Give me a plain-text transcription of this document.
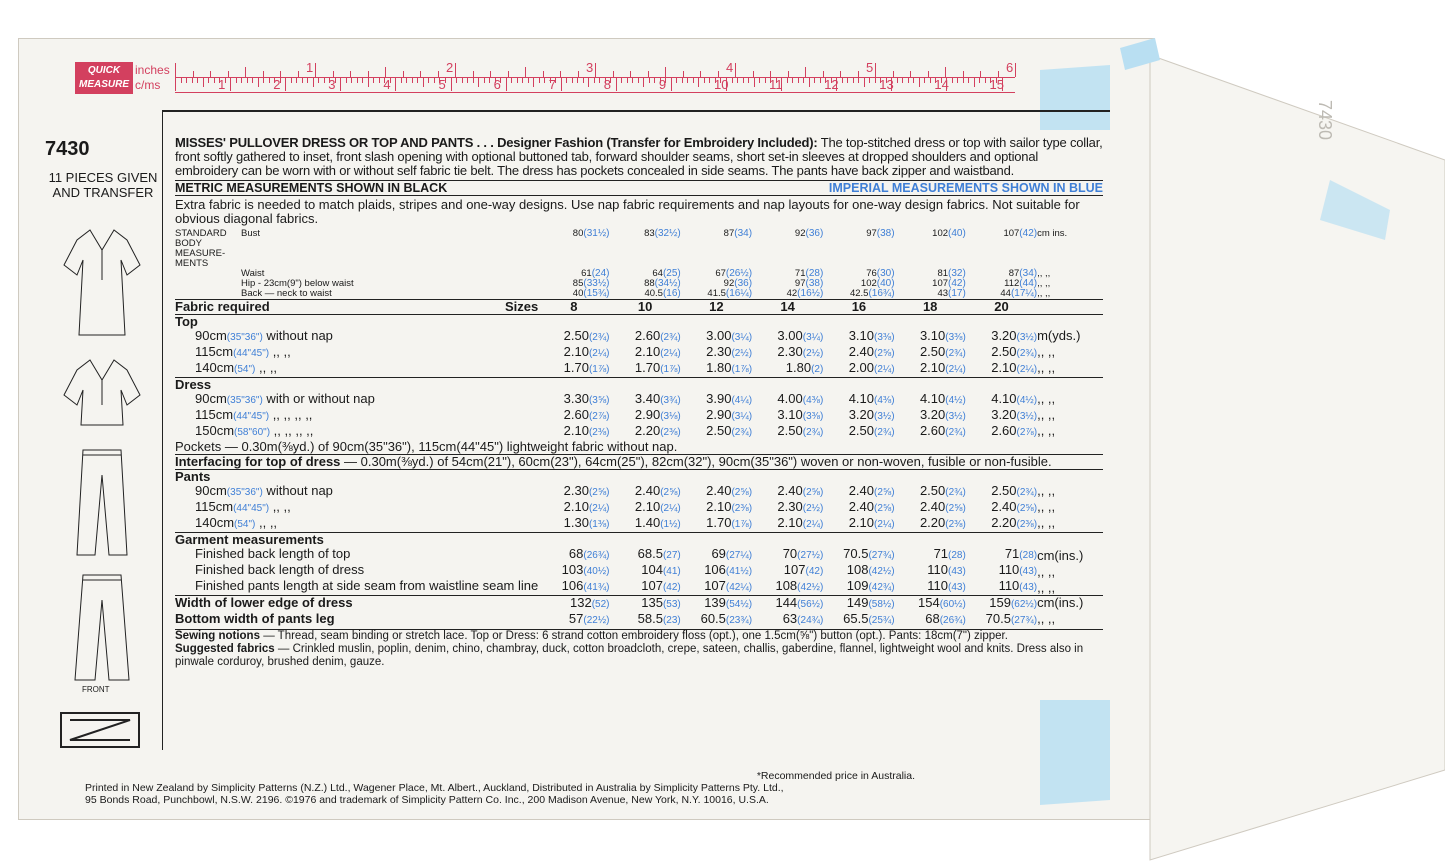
7430
QUICK MEASURE
inches
c/ms
1	2	3	4	5	6
1	2	3	4	5	6	7	8	9	10	11	12	13	14	15
7430
11 PIECES GIVEN AND TRANSFER
FRONT
MISSES' PULLOVER DRESS OR TOP AND PANTS . . . Designer Fashion (Transfer for Embroidery Included): The top-stitched dress or top with sailor type collar, front softly gathered to inset, front slash opening with optional buttoned tab, forward shoulder seams, short set-in sleeves at dropped shoulders and optional embroidery can be worn with or without self fabric tie belt. The dress has pockets concealed in side seams. The pants have back zipper and waistband.
METRIC MEASUREMENTS SHOWN IN BLACK	IMPERIAL MEASUREMENTS SHOWN IN BLUE
Extra fabric is needed to match plaids, stripes and one-way designs. Use nap fabric requirements and nap layouts for one-way design fabrics. Not suitable for obvious diagonal fabrics.
STANDARD BODY MEASURE- MENTS
Bust	80(31½)	83(32½)	87(34)	92(36)	97(38)	102(40)	107(42)	cm ins.
Waist	61(24)	64(25)	67(26½)	71(28)	76(30)	81(32)	87(34)	,, ,,
Hip - 23cm(9") below waist	85(33½)	88(34½)	92(36)	97(38)	102(40)	107(42)	112(44)	,, ,,
Back — neck to waist	40(15¾)	40.5(16)	41.5(16¼)	42(16½)	42.5(16¾)	43(17)	44(17¼)	,, ,,
Fabric required Sizes	8	10	12	14	16	18	20	
Top								
90cm(35"36") without nap	2.50(2¾)	2.60(2¾)	3.00(3¼)	3.00(3¼)	3.10(3⅜)	3.10(3⅜)	3.20(3½)	m(yds.)
115cm(44"45") ,, ,,	2.10(2¼)	2.10(2¼)	2.30(2½)	2.30(2½)	2.40(2⅝)	2.50(2¾)	2.50(2¾)	,, ,,
140cm(54") ,, ,,	1.70(1⅞)	1.70(1⅞)	1.80(1⅞)	1.80(2)	2.00(2¼)	2.10(2¼)	2.10(2¼)	,, ,,
Dress								
90cm(35"36") with or without nap	3.30(3⅝)	3.40(3¾)	3.90(4¼)	4.00(4⅜)	4.10(4⅜)	4.10(4½)	4.10(4½)	,, ,,
115cm(44"45") ,, ,, ,, ,,	2.60(2⅞)	2.90(3⅛)	2.90(3¼)	3.10(3⅜)	3.20(3½)	3.20(3½)	3.20(3½)	,, ,,
150cm(58"60") ,, ,, ,, ,,	2.10(2⅜)	2.20(2⅜)	2.50(2¾)	2.50(2¾)	2.50(2¾)	2.60(2¾)	2.60(2⅞)	,, ,,
Pockets — 0.30m(⅜yd.) of 90cm(35"36"), 115cm(44"45") lightweight fabric without nap.								
Interfacing for top of dress — 0.30m(⅜yd.) of 54cm(21"), 60cm(23"), 64cm(25"), 82cm(32"), 90cm(35"36") woven or non-woven, fusible or non-fusible.								
Pants								
90cm(35"36") without nap	2.30(2⅝)	2.40(2⅝)	2.40(2⅝)	2.40(2⅝)	2.40(2⅝)	2.50(2¾)	2.50(2¾)	,, ,,
115cm(44"45") ,, ,,	2.10(2¼)	2.10(2¼)	2.10(2⅜)	2.30(2½)	2.40(2⅝)	2.40(2⅝)	2.40(2⅝)	,, ,,
140cm(54") ,, ,,	1.30(1⅜)	1.40(1½)	1.70(1⅞)	2.10(2¼)	2.10(2¼)	2.20(2⅜)	2.20(2⅜)	,, ,,
Garment measurements								
Finished back length of top	68(26¾)	68.5(27)	69(27¼)	70(27½)	70.5(27¾)	71(28)	71(28)	cm(ins.)
Finished back length of dress	103(40½)	104(41)	106(41½)	107(42)	108(42½)	110(43)	110(43)	,, ,,
Finished pants length at side seam from waistline seam line	106(41¾)	107(42)	107(42¼)	108(42½)	109(42¾)	110(43)	110(43)	,, ,,
Width of lower edge of dress	132(52)	135(53)	139(54½)	144(56½)	149(58½)	154(60½)	159(62½)	cm(ins.)
Bottom width of pants leg	57(22½)	58.5(23)	60.5(23¾)	63(24¾)	65.5(25¾)	68(26¾)	70.5(27¾)	,, ,,
Sewing notions — Thread, seam binding or stretch lace. Top or Dress: 6 strand cotton embroidery floss (opt.), one 1.5cm(⅝") button (opt.). Pants: 18cm(7") zipper.
Suggested fabrics — Crinkled muslin, poplin, denim, chino, chambray, duck, cotton broadcloth, crepe, sateen, challis, gaberdine, flannel, lightweight wool and knits. Dress also in pinwale corduroy, brushed denim, gauze.
*Recommended price in Australia.
Printed in New Zealand by Simplicity Patterns (N.Z.) Ltd., Wagener Place, Mt. Albert., Auckland, Distributed in Australia by Simplicity Patterns Pty. Ltd.,
95 Bonds Road, Punchbowl, N.S.W. 2196. ©1976 and trademark of Simplicity Pattern Co. Inc., 200 Madison Avenue, New York, N.Y. 10016, U.S.A.
